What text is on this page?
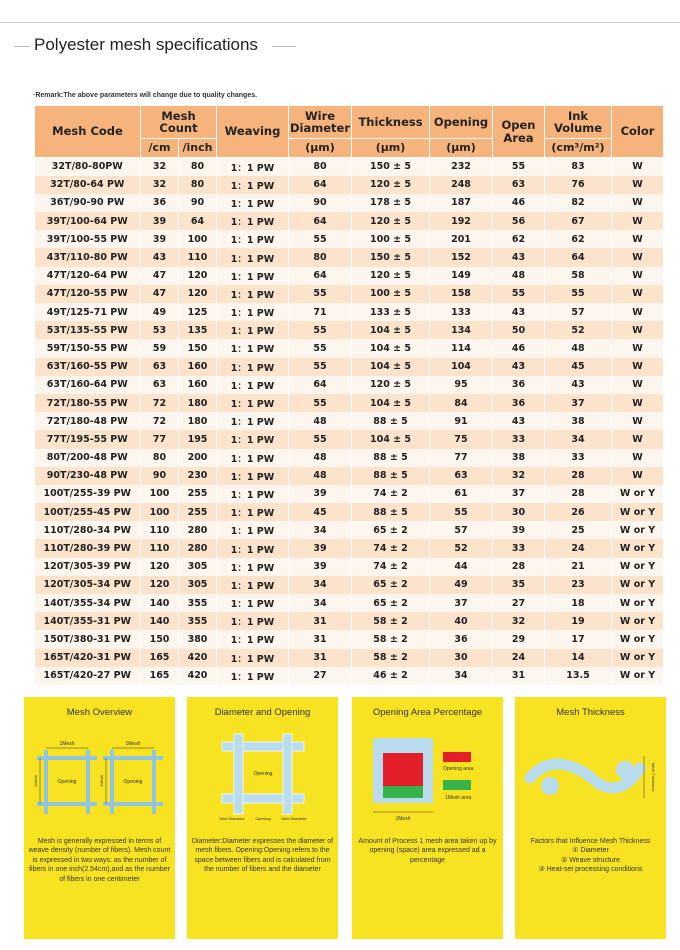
Polyester mesh specifications
·Remark:The above parameters will change due to quality changes.
Mesh Code	Mesh Count		Weaving	Wire Diameter	Thickness	Opening	Open Area	Ink Volume	Color
	/cm	/inch		(μm)	(μm)	(μm)		(cm³/m²)	
32T/80-80PW	32	80	1：1 PW	80	150 ± 5	232	55	83	W
32T/80-64 PW	32	80	1：1 PW	64	120 ± 5	248	63	76	W
36T/90-90 PW	36	90	1：1 PW	90	178 ± 5	187	46	82	W
39T/100-64 PW	39	64	1：1 PW	64	120 ± 5	192	56	67	W
39T/100-55 PW	39	100	1：1 PW	55	100 ± 5	201	62	62	W
43T/110-80 PW	43	110	1：1 PW	80	150 ± 5	152	43	64	W
47T/120-64 PW	47	120	1：1 PW	64	120 ± 5	149	48	58	W
47T/120-55 PW	47	120	1：1 PW	55	100 ± 5	158	55	55	W
49T/125-71 PW	49	125	1：1 PW	71	133 ± 5	133	43	57	W
53T/135-55 PW	53	135	1：1 PW	55	104 ± 5	134	50	52	W
59T/150-55 PW	59	150	1：1 PW	55	104 ± 5	114	46	48	W
63T/160-55 PW	63	160	1：1 PW	55	104 ± 5	104	43	45	W
63T/160-64 PW	63	160	1：1 PW	64	120 ± 5	95	36	43	W
72T/180-55 PW	72	180	1：1 PW	55	104 ± 5	84	36	37	W
72T/180-48 PW	72	180	1：1 PW	48	88 ± 5	91	43	38	W
77T/195-55 PW	77	195	1：1 PW	55	104 ± 5	75	33	34	W
80T/200-48 PW	80	200	1：1 PW	48	88 ± 5	77	38	33	W
90T/230-48 PW	90	230	1：1 PW	48	88 ± 5	63	32	28	W
100T/255-39 PW	100	255	1：1 PW	39	74 ± 2	61	37	28	W or Y
100T/255-45 PW	100	255	1：1 PW	45	88 ± 5	55	30	26	W or Y
110T/280-34 PW	110	280	1：1 PW	34	65 ± 2	57	39	25	W or Y
110T/280-39 PW	110	280	1：1 PW	39	74 ± 2	52	33	24	W or Y
120T/305-39 PW	120	305	1：1 PW	39	74 ± 2	44	28	21	W or Y
120T/305-34 PW	120	305	1：1 PW	34	65 ± 2	49	35	23	W or Y
140T/355-34 PW	140	355	1：1 PW	34	65 ± 2	37	27	18	W or Y
140T/355-31 PW	140	355	1：1 PW	31	58 ± 2	40	32	19	W or Y
150T/380-31 PW	150	380	1：1 PW	31	58 ± 2	36	29	17	W or Y
165T/420-31 PW	165	420	1：1 PW	31	58 ± 2	30	24	14	W or Y
165T/420-27 PW	165	420	1：1 PW	27	46 ± 2	34	31	13.5	W or Y
Mesh Overview
1Mesh	1Mesh
Opening	Opening
1Mesh	1Mesh
Mesh is generally expressed in terms of weave density (number of fibers). Mesh count is expressed in two ways: as the number of fibers in one inch(2.54cm),and as the number of fibers in one centimeter
Diameter and Opening
Opening
Wire Diameter	Opening	Wire Diameter
Diameter:Diameter expresses the diameter of mesh fibers. Opening:Opening refers to the space between fibers and is calculated from the number of fibers and the diameter
Opening Area Percentage
1Mesh
Opening area
1Mesh area
Amount of Process 1 mesh area taken up by opening (space) area expressed ad a percentage
Mesh Thickness
Mesh Thickness
Factors that Influence Mesh Thickness
① Diameter
② Weave structure
③ Heat-set processing conditions
